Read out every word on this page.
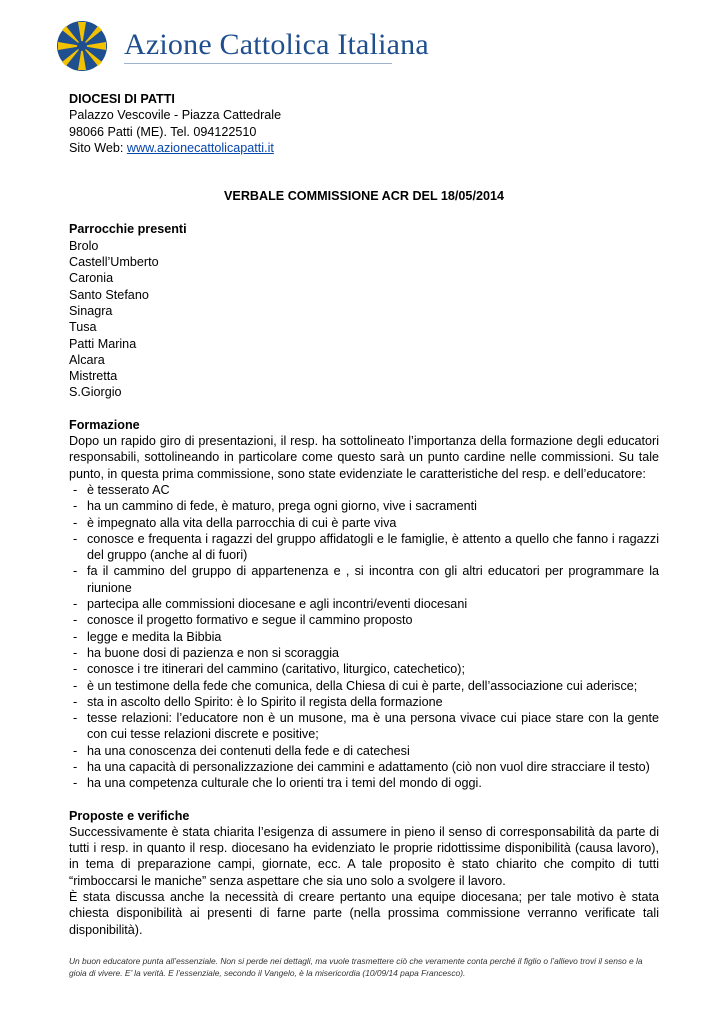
Azione Cattolica Italiana
DIOCESI DI PATTI
Palazzo Vescovile - Piazza Cattedrale
98066 Patti (ME). Tel. 094122510
Sito Web: www.azionecattolicapatti.it
VERBALE COMMISSIONE ACR DEL 18/05/2014
Parrocchie presenti
Brolo
Castell’Umberto
Caronia
Santo Stefano
Sinagra
Tusa
Patti Marina
Alcara
Mistretta
S.Giorgio
Formazione
Dopo un rapido giro di presentazioni, il resp. ha sottolineato l’importanza della formazione degli educatori responsabili, sottolineando in particolare come questo sarà un punto cardine nelle commissioni. Su tale punto, in questa prima commissione, sono state evidenziate le caratteristiche del resp. e dell’educatore:
- è tesserato AC
- ha un cammino di fede, è maturo, prega ogni giorno, vive i sacramenti
- è impegnato alla vita della parrocchia di cui è parte viva
- conosce e frequenta i ragazzi del gruppo affidatogli e le famiglie, è attento a quello che fanno i ragazzi del gruppo (anche al di fuori)
- fa il cammino del gruppo di appartenenza e , si incontra con gli altri educatori per programmare la riunione
- partecipa alle commissioni diocesane e agli incontri/eventi diocesani
- conosce il progetto formativo e segue il cammino proposto
- legge e medita la Bibbia
- ha buone dosi di pazienza e non si scoraggia
- conosce i tre itinerari del cammino (caritativo, liturgico, catechetico);
- è un testimone della fede che comunica, della Chiesa di cui è parte, dell’associazione cui aderisce;
- sta in ascolto dello Spirito: è lo Spirito il regista della formazione
- tesse relazioni: l’educatore non è un musone, ma è una persona vivace cui piace stare con la gente con cui tesse relazioni discrete e positive;
- ha una conoscenza dei contenuti della fede e di catechesi
- ha una capacità di personalizzazione dei cammini e adattamento (ciò non vuol dire stracciare il testo)
- ha una competenza culturale che lo orienti tra i temi del mondo di oggi.
Proposte e verifiche
Successivamente è stata chiarita l’esigenza di assumere in pieno il senso di corresponsabilità da parte di tutti i resp. in quanto il resp. diocesano ha evidenziato le proprie ridottissime disponibilità (causa lavoro), in tema di preparazione campi, giornate, ecc. A tale proposito è stato chiarito che compito di tutti “rimboccarsi le maniche” senza aspettare che sia uno solo a svolgere il lavoro.
È stata discussa anche la necessità di creare pertanto una equipe diocesana; per tale motivo è stata chiesta disponibilità ai presenti di farne parte (nella prossima commissione verranno verificate tali disponibilità).
Un buon educatore punta all’essenziale. Non si perde nei dettagli, ma vuole trasmettere ciò che veramente conta perché il figlio o l’allievo trovi il senso e la gioia di vivere. E’ la verità. E l’essenziale, secondo il Vangelo, è la misericordia (10/09/14 papa Francesco).
